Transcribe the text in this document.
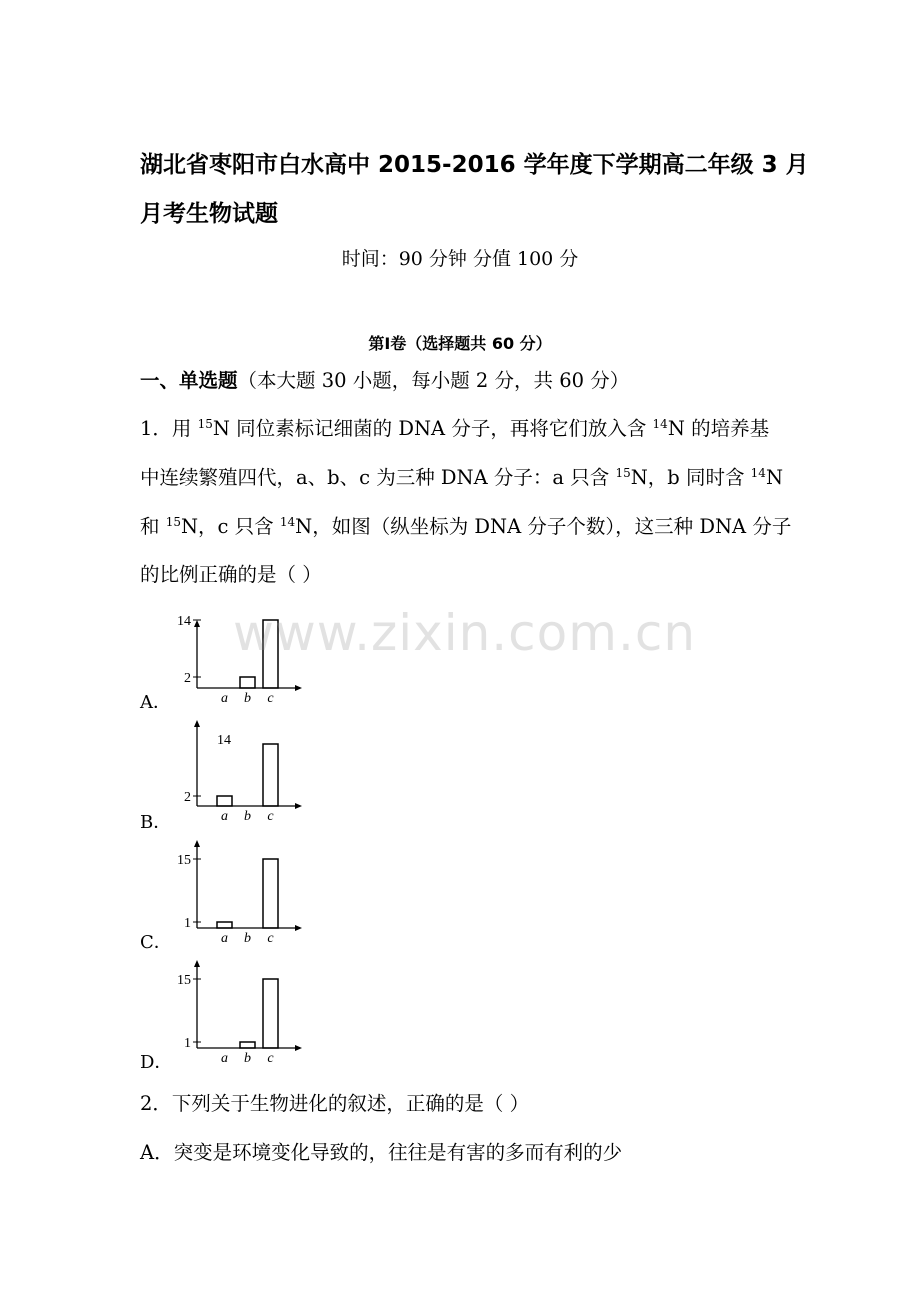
湖北省枣阳市白水高中 2015-2016 学年度下学期高二年级 3 月
月考生物试题
时间：90 分钟 分值 100 分
第Ⅰ卷（选择题共 60 分）
一、单选题（本大题 30 小题，每小题 2 分，共 60 分）
1．用 $^{15}$N 同位素标记细菌的 DNA 分子，再将它们放入含 $^{14}$N 的培养基
中连续繁殖四代，a、b、c 为三种 DNA 分子：a 只含 $^{15}$N，b 同时含 $^{14}$N
和 $^{15}$N，c 只含 $^{14}$N，如图（纵坐标为 DNA 分子个数），这三种 DNA 分子
的比例正确的是（ ）
A．
B．
C．
D．
14
2
a b c
14
2
a b c
15
1
a b c
15
1
a b c
2．下列关于生物进化的叙述，正确的是（ ）
A．突变是环境变化导致的，往往是有害的多而有利的少
www.zixin.com.cn
